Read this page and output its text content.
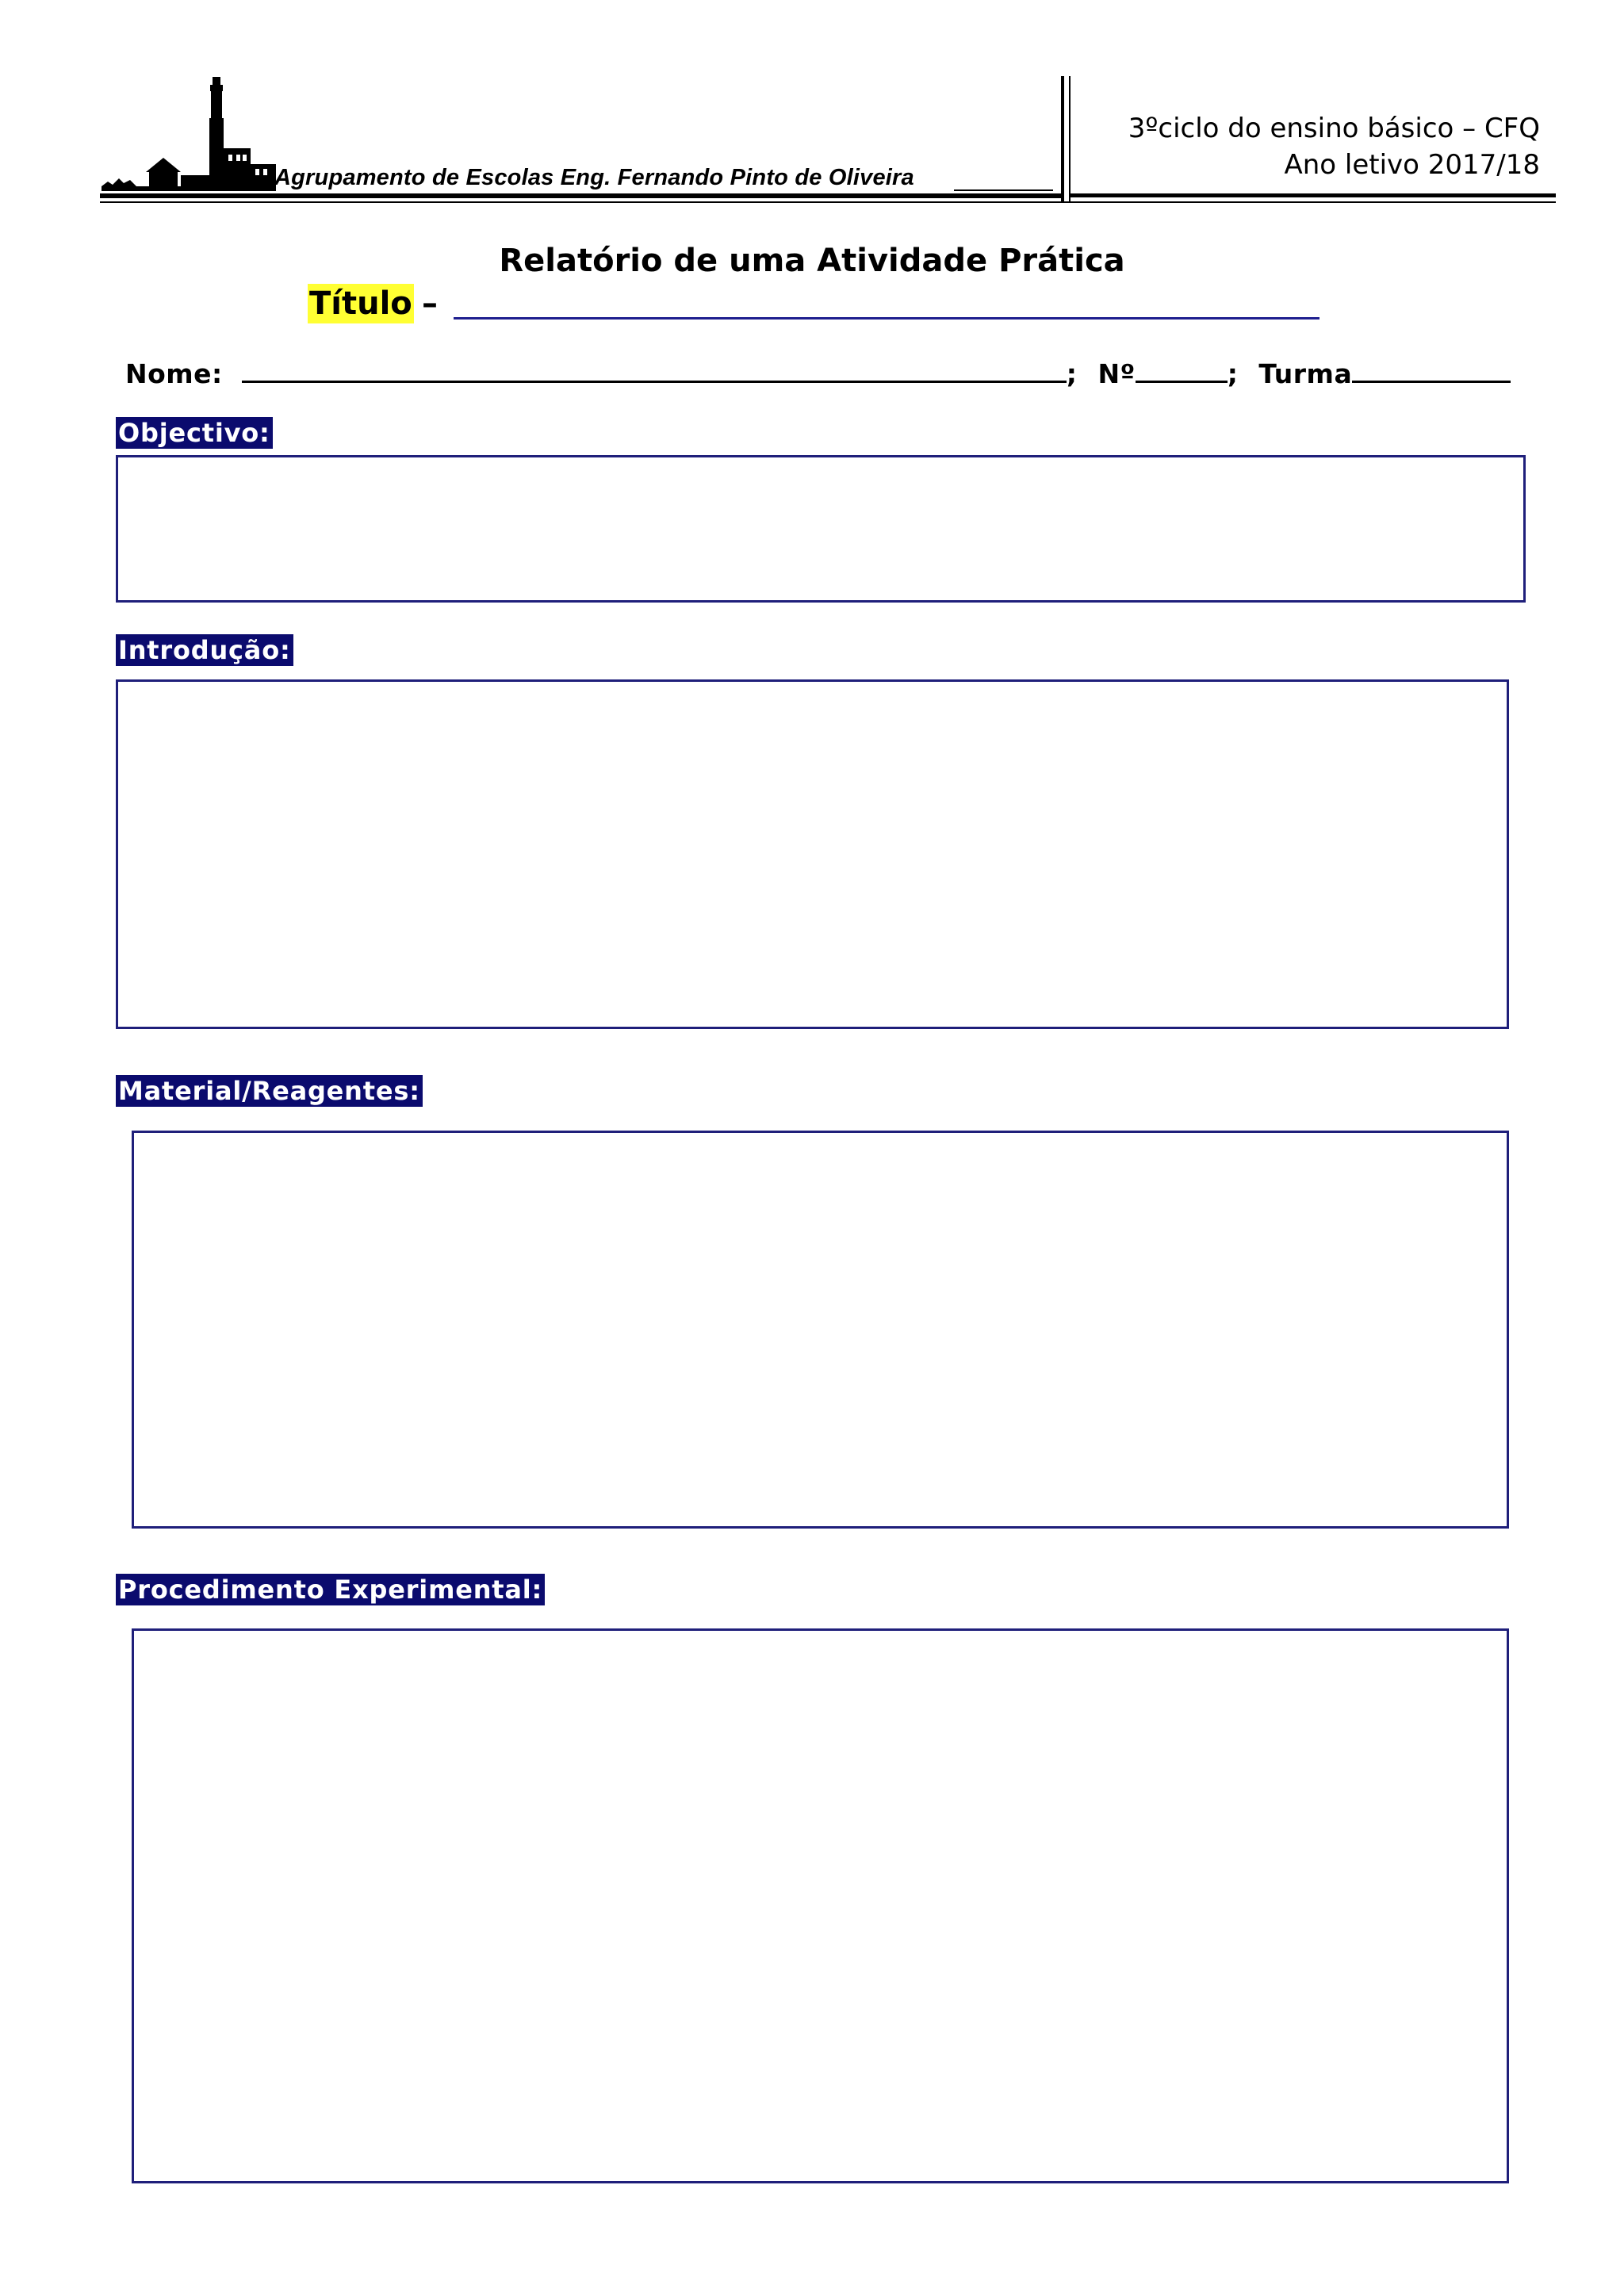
Agrupamento de Escolas Eng. Fernando Pinto de Oliveira
3ºciclo do ensino básico – CFQ
Ano letivo 2017/18
Relatório de uma Atividade Prática
Título –
Nome:	; Nº	; Turma
Objectivo:
Introdução:
Material/Reagentes:
Procedimento Experimental:
